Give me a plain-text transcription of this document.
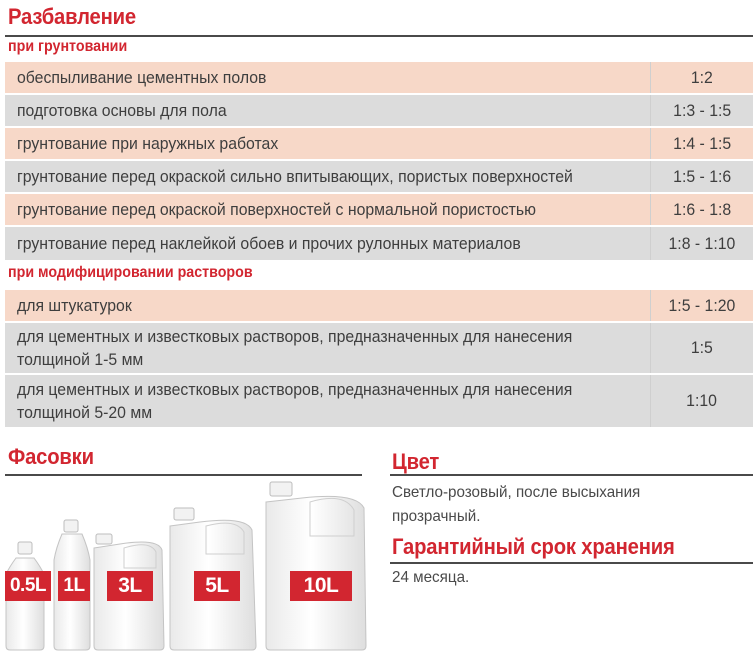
Разбавление
при грунтовании
обеспыливание цементных полов	1:2
подготовка основы для пола	1:3 - 1:5
грунтование при наружных работах	1:4 - 1:5
грунтование перед окраской сильно впитывающих, пористых поверхностей	1:5 - 1:6
грунтование перед окраской поверхностей с нормальной пористостью	1:6 - 1:8
грунтование перед наклейкой обоев и прочих рулонных материалов	1:8 - 1:10
при модифицировании растворов
для штукатурок	1:5 - 1:20
для цементных и известковых растворов, предназначенных для нанесения
толщиной 1-5 мм
1:5
для цементных и известковых растворов, предназначенных для нанесения
толщиной 5-20 мм
1:10
Фасовки
0.5L 1L	3L	5L	10L
Цвет
Светло-розовый, после высыхания
прозрачный.
Гарантийный срок хранения
24 месяца.
